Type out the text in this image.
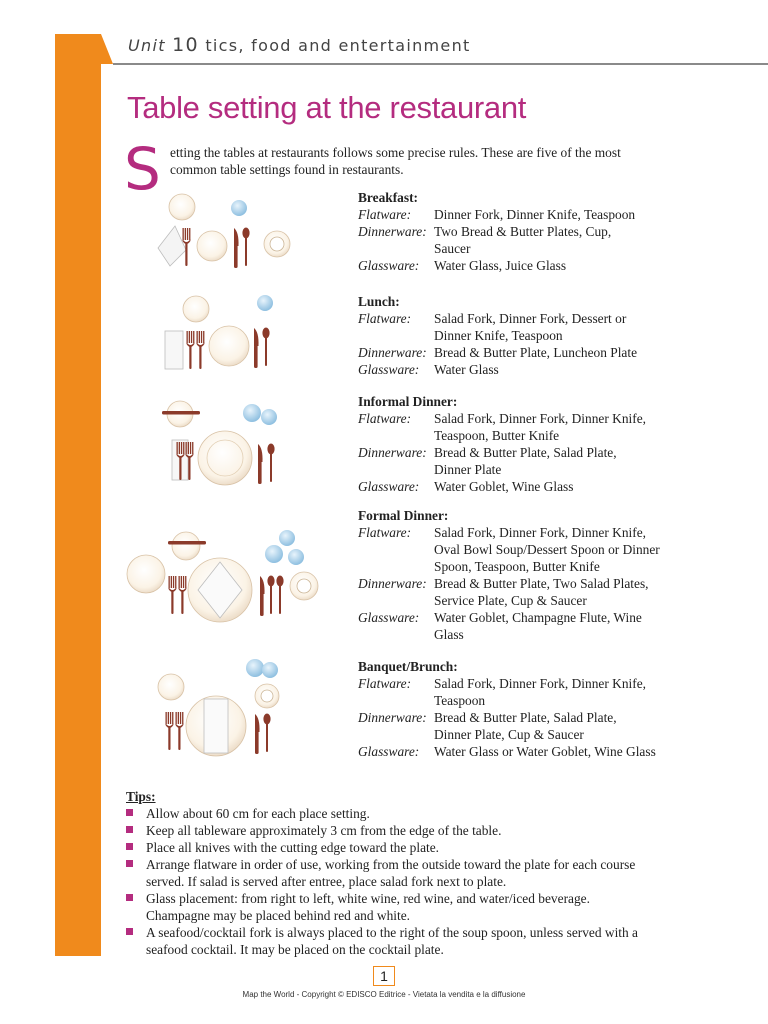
Unit 10 tics, food and entertainment
Table setting at the restaurant
S etting the tables at restaurants follows some precise rules. These are five of the most common table settings found in restaurants.
Breakfast:
Flatware:	Dinner Fork, Dinner Knife, Teaspoon
Dinnerware: Two Bread & Butter Plates, Cup, Saucer
Glassware:	Water Glass, Juice Glass
Lunch:
Flatware:	Salad Fork, Dinner Fork, Dessert or Dinner Knife, Teaspoon
Dinnerware: Bread & Butter Plate, Luncheon Plate
Glassware:	Water Glass
Informal Dinner:
Flatware:	Salad Fork, Dinner Fork, Dinner Knife, Teaspoon, Butter Knife
Dinnerware: Bread & Butter Plate, Salad Plate, Dinner Plate
Glassware:	Water Goblet, Wine Glass
Formal Dinner:
Flatware:	Salad Fork, Dinner Fork, Dinner Knife, Oval Bowl Soup/Dessert Spoon or Dinner Spoon, Teaspoon, Butter Knife
Dinnerware: Bread & Butter Plate, Two Salad Plates, Service Plate, Cup & Saucer
Glassware:	Water Goblet, Champagne Flute, Wine Glass
Banquet/Brunch:
Flatware:	Salad Fork, Dinner Fork, Dinner Knife, Teaspoon
Dinnerware: Bread & Butter Plate, Salad Plate, Dinner Plate, Cup & Saucer
Glassware:	Water Glass or Water Goblet, Wine Glass
Tips:
Allow about 60 cm for each place setting.
Keep all tableware approximately 3 cm from the edge of the table.
Place all knives with the cutting edge toward the plate.
Arrange flatware in order of use, working from the outside toward the plate for each course served. If salad is served after entree, place salad fork next to plate.
Glass placement: from right to left, white wine, red wine, and water/iced beverage. Champagne may be placed behind red and white.
A seafood/cocktail fork is always placed to the right of the soup spoon, unless served with a seafood cocktail. It may be placed on the cocktail plate.
1
Map the World - Copyright © EDISCO Editrice - Vietata la vendita e la diffusione
